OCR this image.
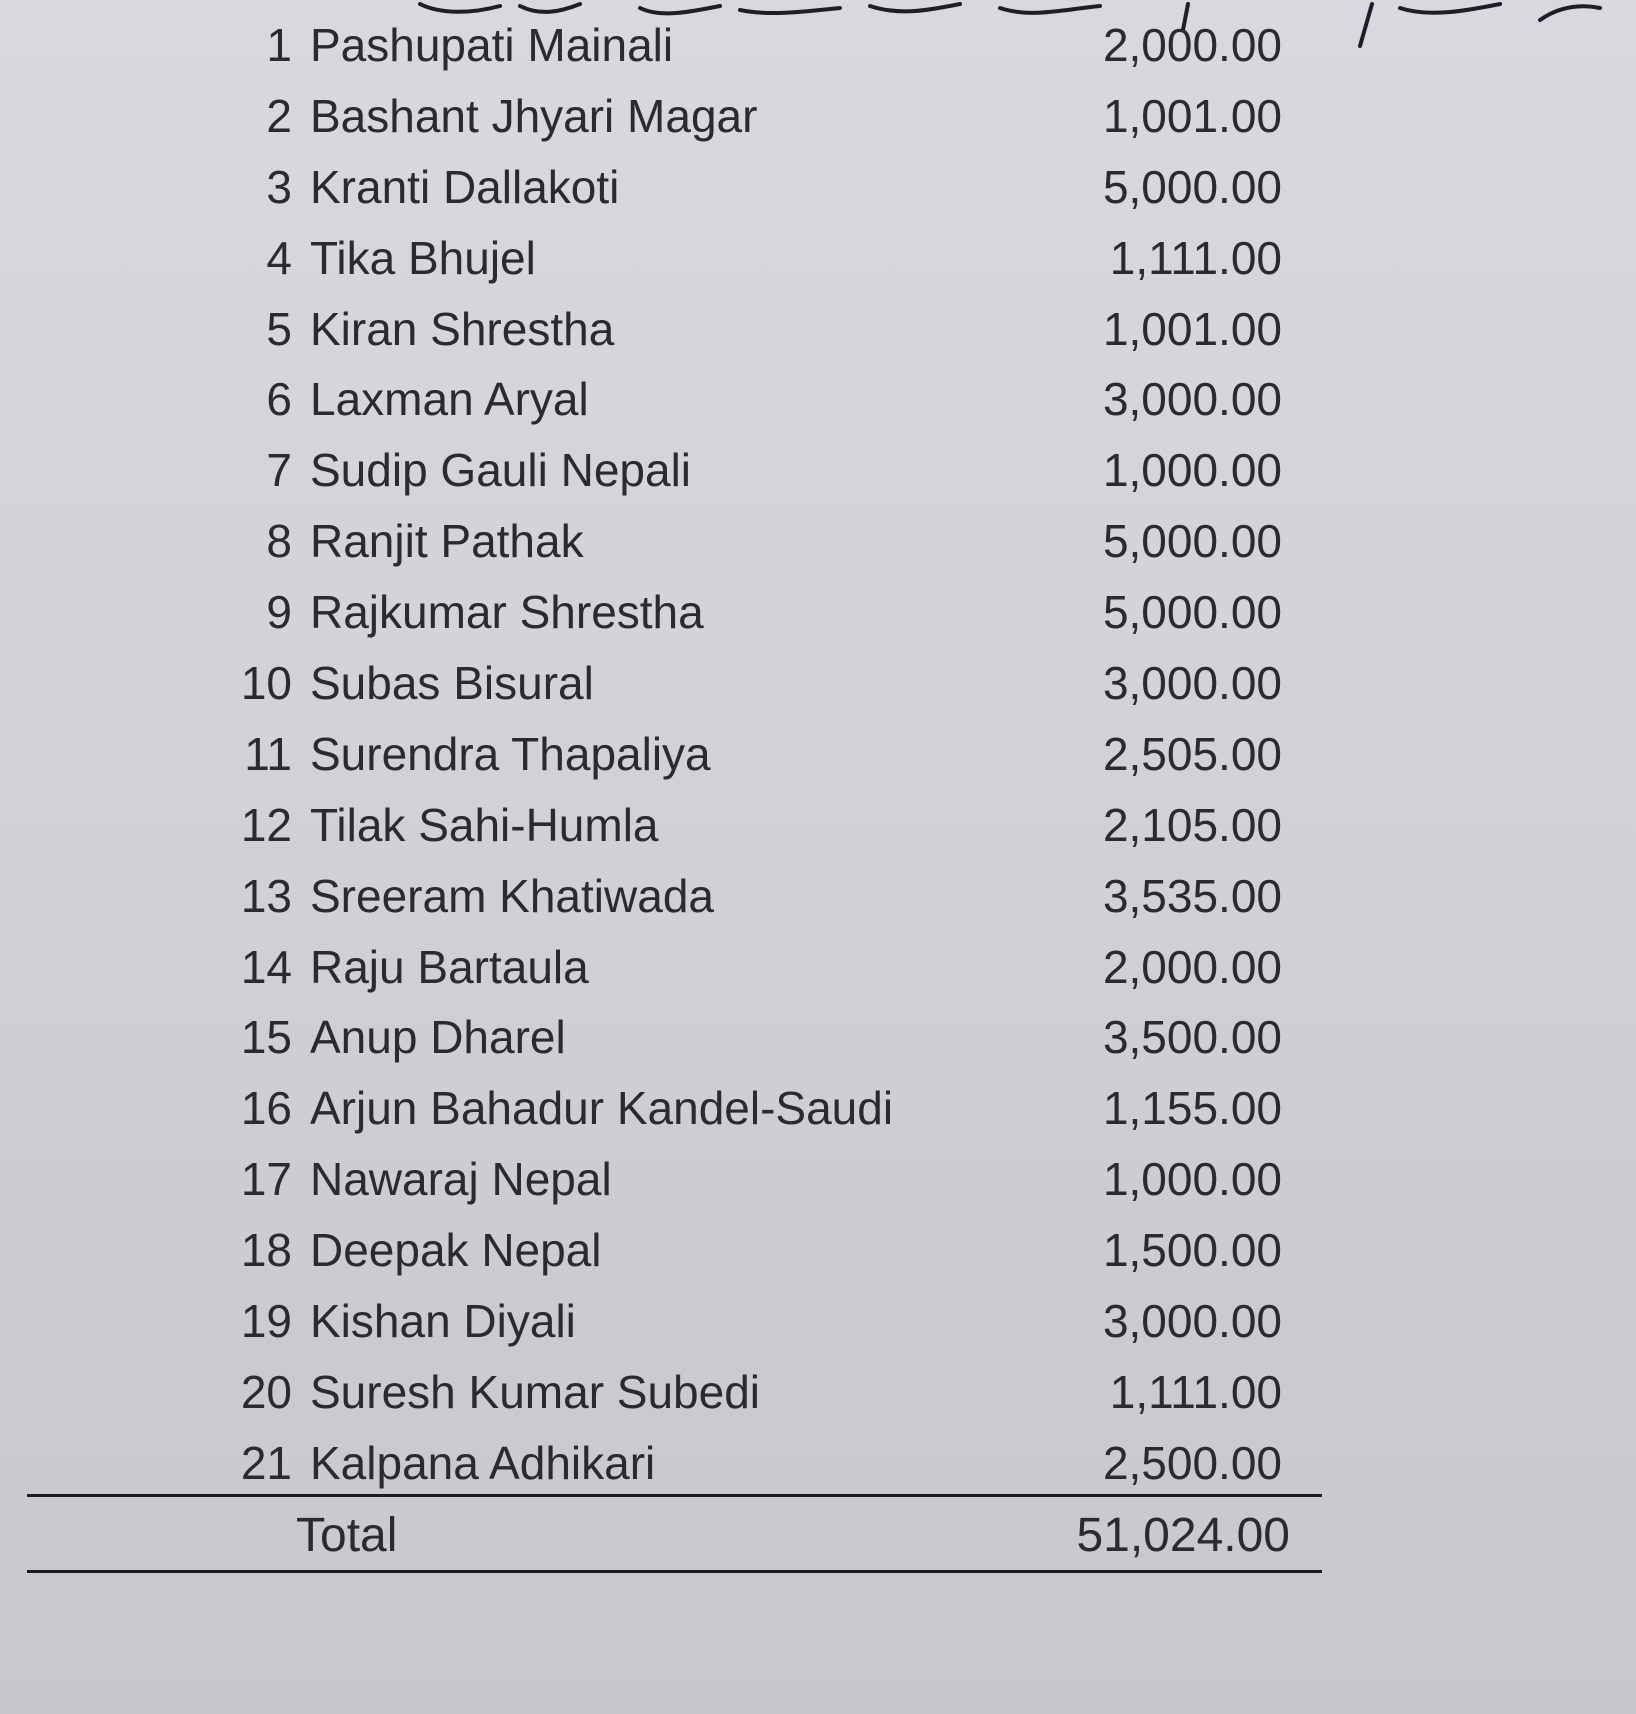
1 Pashupati Mainali	2,000.00
2 Bashant Jhyari Magar	1,001.00
3 Kranti Dallakoti	5,000.00
4 Tika Bhujel	1,111.00
5 Kiran Shrestha	1,001.00
6 Laxman Aryal	3,000.00
7 Sudip Gauli Nepali	1,000.00
8 Ranjit Pathak	5,000.00
9 Rajkumar Shrestha	5,000.00
10 Subas Bisural	3,000.00
11 Surendra Thapaliya	2,505.00
12 Tilak Sahi-Humla	2,105.00
13 Sreeram Khatiwada	3,535.00
14 Raju Bartaula	2,000.00
15 Anup Dharel	3,500.00
16 Arjun Bahadur Kandel-Saudi	1,155.00
17 Nawaraj Nepal	1,000.00
18 Deepak Nepal	1,500.00
19 Kishan Diyali	3,000.00
20 Suresh Kumar Subedi	1,111.00
21 Kalpana Adhikari	2,500.00
Total	51,024.00
